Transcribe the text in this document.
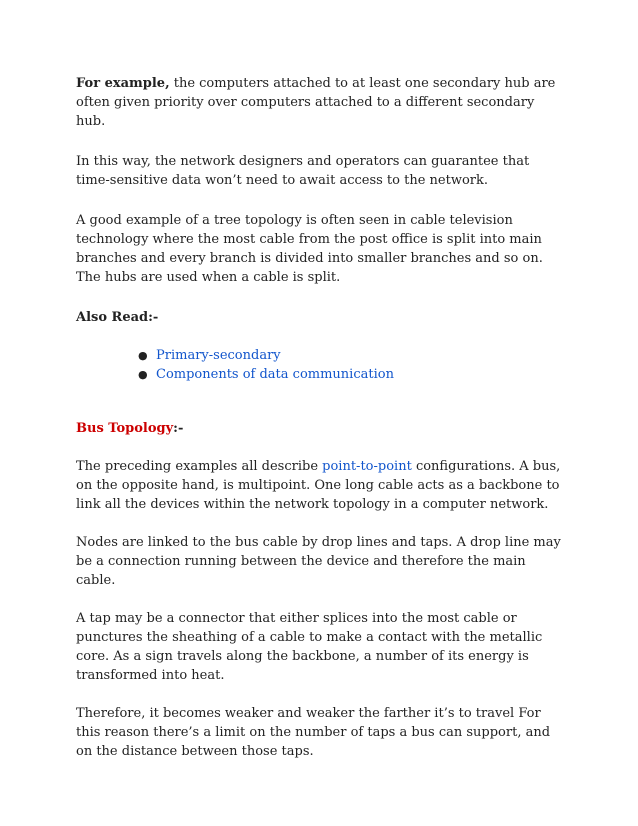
For example, the computers attached to at least one secondary hub are often given priority over computers attached to a different secondary hub.

In this way, the network designers and operators can guarantee that time-sensitive data won’t need to await access to the network.

A good example of a tree topology is often seen in cable television technology where the most cable from the post office is split into main branches and every branch is divided into smaller branches and so on. The hubs are used when a cable is split.

Also Read:-

● Primary-secondary
● Components of data communication

Bus Topology:-

The preceding examples all describe point-to-point configurations. A bus, on the opposite hand, is multipoint. One long cable acts as a backbone to link all the devices within the network topology in a computer network.

Nodes are linked to the bus cable by drop lines and taps. A drop line may be a connection running between the device and therefore the main cable.

A tap may be a connector that either splices into the most cable or punctures the sheathing of a cable to make a contact with the metallic core. As a sign travels along the backbone, a number of its energy is transformed into heat.

Therefore, it becomes weaker and weaker the farther it’s to travel For this reason there’s a limit on the number of taps a bus can support, and on the distance between those taps.
